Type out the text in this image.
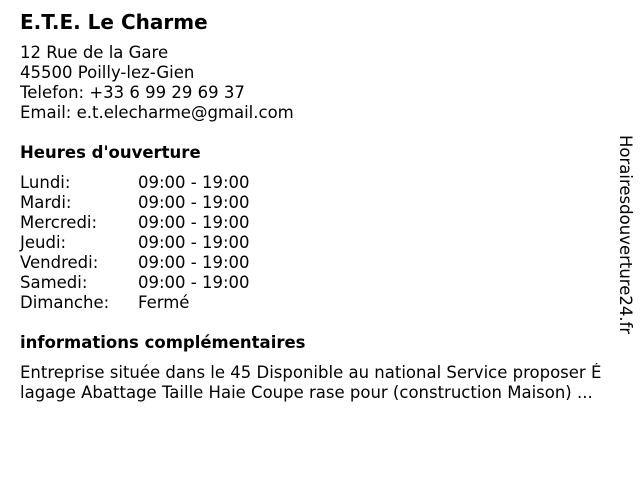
E.T.E. Le Charme
12 Rue de la Gare
45500 Poilly-lez-Gien
Telefon: +33 6 99 29 69 37
Email: e.t.elecharme@gmail.com
Heures d'ouverture
Lundi:	09:00 - 19:00
Mardi:	09:00 - 19:00
Mercredi:	09:00 - 19:00
Jeudi:	09:00 - 19:00
Vendredi:	09:00 - 19:00
Samedi:	09:00 - 19:00
Dimanche:	Fermé
informations complémentaires
Entreprise située dans le 45 Disponible au national Service proposer É
lagage Abattage Taille Haie Coupe rase pour (construction Maison) ...
Horairesdouverture24.fr
